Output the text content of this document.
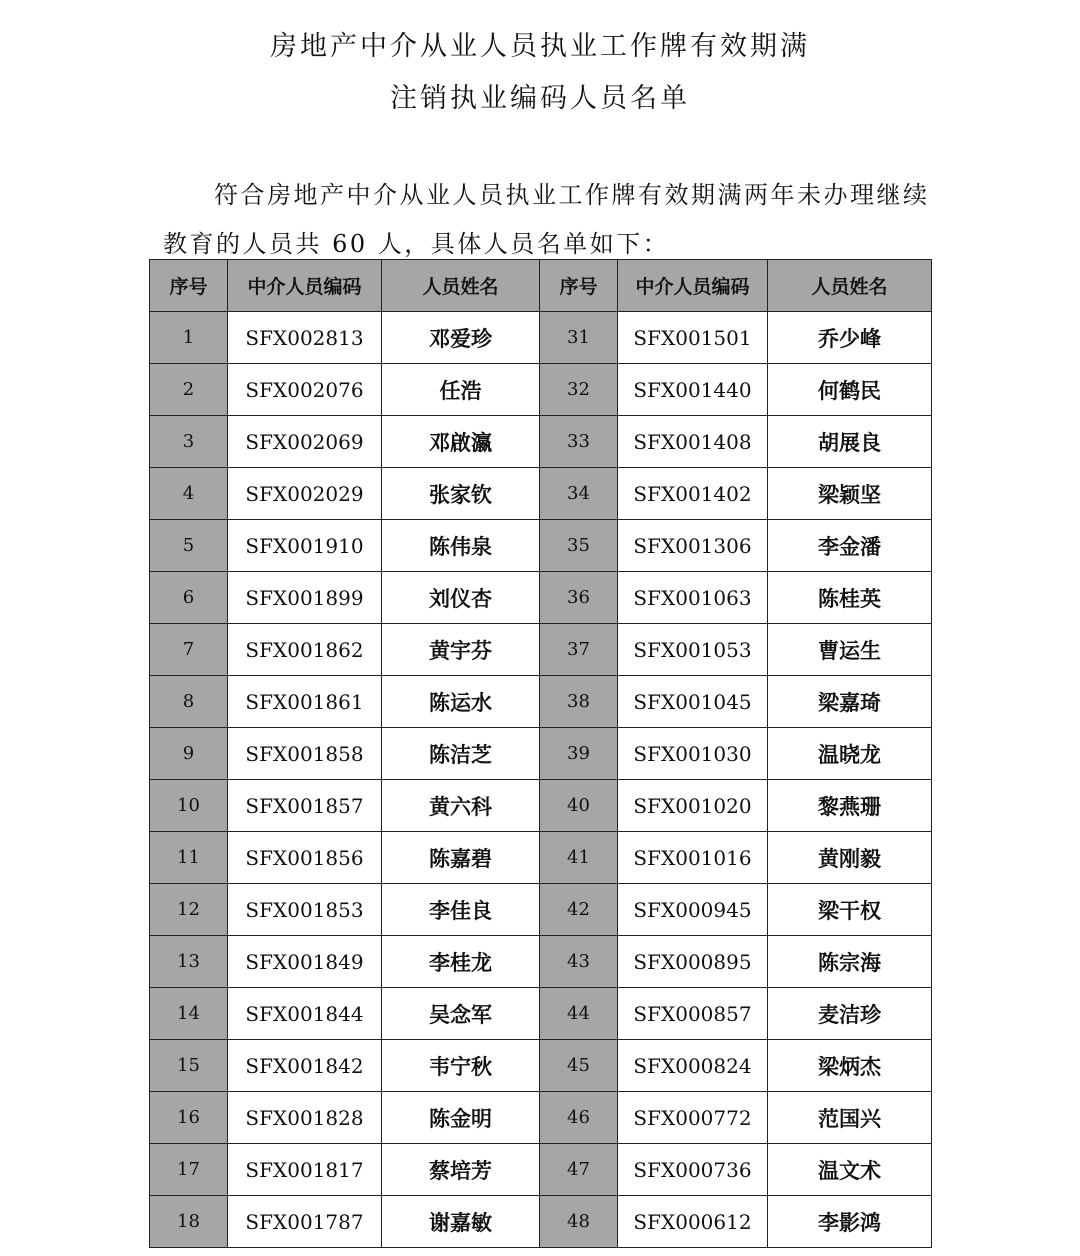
房地产中介从业人员执业工作牌有效期满
注销执业编码人员名单
符合房地产中介从业人员执业工作牌有效期满两年未办理继续
教育的人员共 60 人，具体人员名单如下：
序号	中介人员编码	人员姓名	序号	中介人员编码	人员姓名
1	SFX002813	邓爱珍	31	SFX001501	乔少峰
2	SFX002076	任浩	32	SFX001440	何鹤民
3	SFX002069	邓啟瀛	33	SFX001408	胡展良
4	SFX002029	张家钦	34	SFX001402	梁颖坚
5	SFX001910	陈伟泉	35	SFX001306	李金潘
6	SFX001899	刘仪杏	36	SFX001063	陈桂英
7	SFX001862	黄宇芬	37	SFX001053	曹运生
8	SFX001861	陈运水	38	SFX001045	梁嘉琦
9	SFX001858	陈洁芝	39	SFX001030	温晓龙
10	SFX001857	黄六科	40	SFX001020	黎燕珊
11	SFX001856	陈嘉碧	41	SFX001016	黄刚毅
12	SFX001853	李佳良	42	SFX000945	梁干权
13	SFX001849	李桂龙	43	SFX000895	陈宗海
14	SFX001844	吴念军	44	SFX000857	麦洁珍
15	SFX001842	韦宁秋	45	SFX000824	梁炳杰
16	SFX001828	陈金明	46	SFX000772	范国兴
17	SFX001817	蔡培芳	47	SFX000736	温文术
18	SFX001787	谢嘉敏	48	SFX000612	李影鸿
